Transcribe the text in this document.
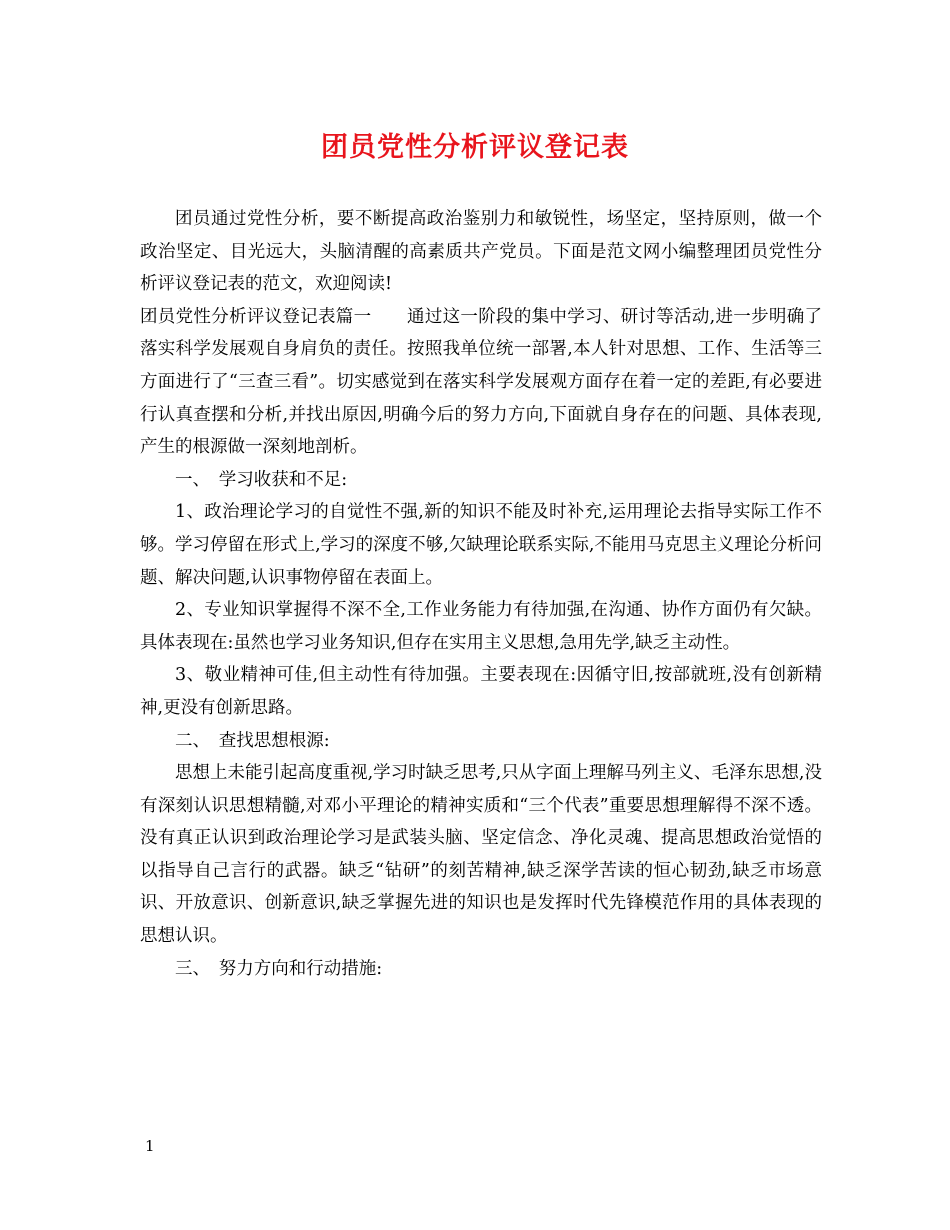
团员党性分析评议登记表

团员通过党性分析，要不断提高政治鉴别力和敏锐性，场坚定，坚持原则，做一个政治坚定、目光远大，头脑清醒的高素质共产党员。下面是范文网小编整理团员党性分析评议登记表的范文，欢迎阅读!

团员党性分析评议登记表篇一　　通过这一阶段的集中学习、研讨等活动,进一步明确了落实科学发展观自身肩负的责任。按照我单位统一部署,本人针对思想、工作、生活等三方面进行了“三查三看”。切实感觉到在落实科学发展观方面存在着一定的差距,有必要进行认真查摆和分析,并找出原因,明确今后的努力方向,下面就自身存在的问题、具体表现,产生的根源做一深刻地剖析。

一、　学习收获和不足:

1、政治理论学习的自觉性不强,新的知识不能及时补充,运用理论去指导实际工作不够。学习停留在形式上,学习的深度不够,欠缺理论联系实际,不能用马克思主义理论分析问题、解决问题,认识事物停留在表面上。

2、专业知识掌握得不深不全,工作业务能力有待加强,在沟通、协作方面仍有欠缺。具体表现在:虽然也学习业务知识,但存在实用主义思想,急用先学,缺乏主动性。

3、敬业精神可佳,但主动性有待加强。主要表现在:因循守旧,按部就班,没有创新精神,更没有创新思路。

二、　查找思想根源:

思想上未能引起高度重视,学习时缺乏思考,只从字面上理解马列主义、毛泽东思想,没有深刻认识思想精髓,对邓小平理论的精神实质和“三个代表”重要思想理解得不深不透。没有真正认识到政治理论学习是武装头脑、坚定信念、净化灵魂、提高思想政治觉悟的以指导自己言行的武器。缺乏“钻研”的刻苦精神,缺乏深学苦读的恒心韧劲,缺乏市场意识、开放意识、创新意识,缺乏掌握先进的知识也是发挥时代先锋模范作用的具体表现的思想认识。

三、　努力方向和行动措施:

1
